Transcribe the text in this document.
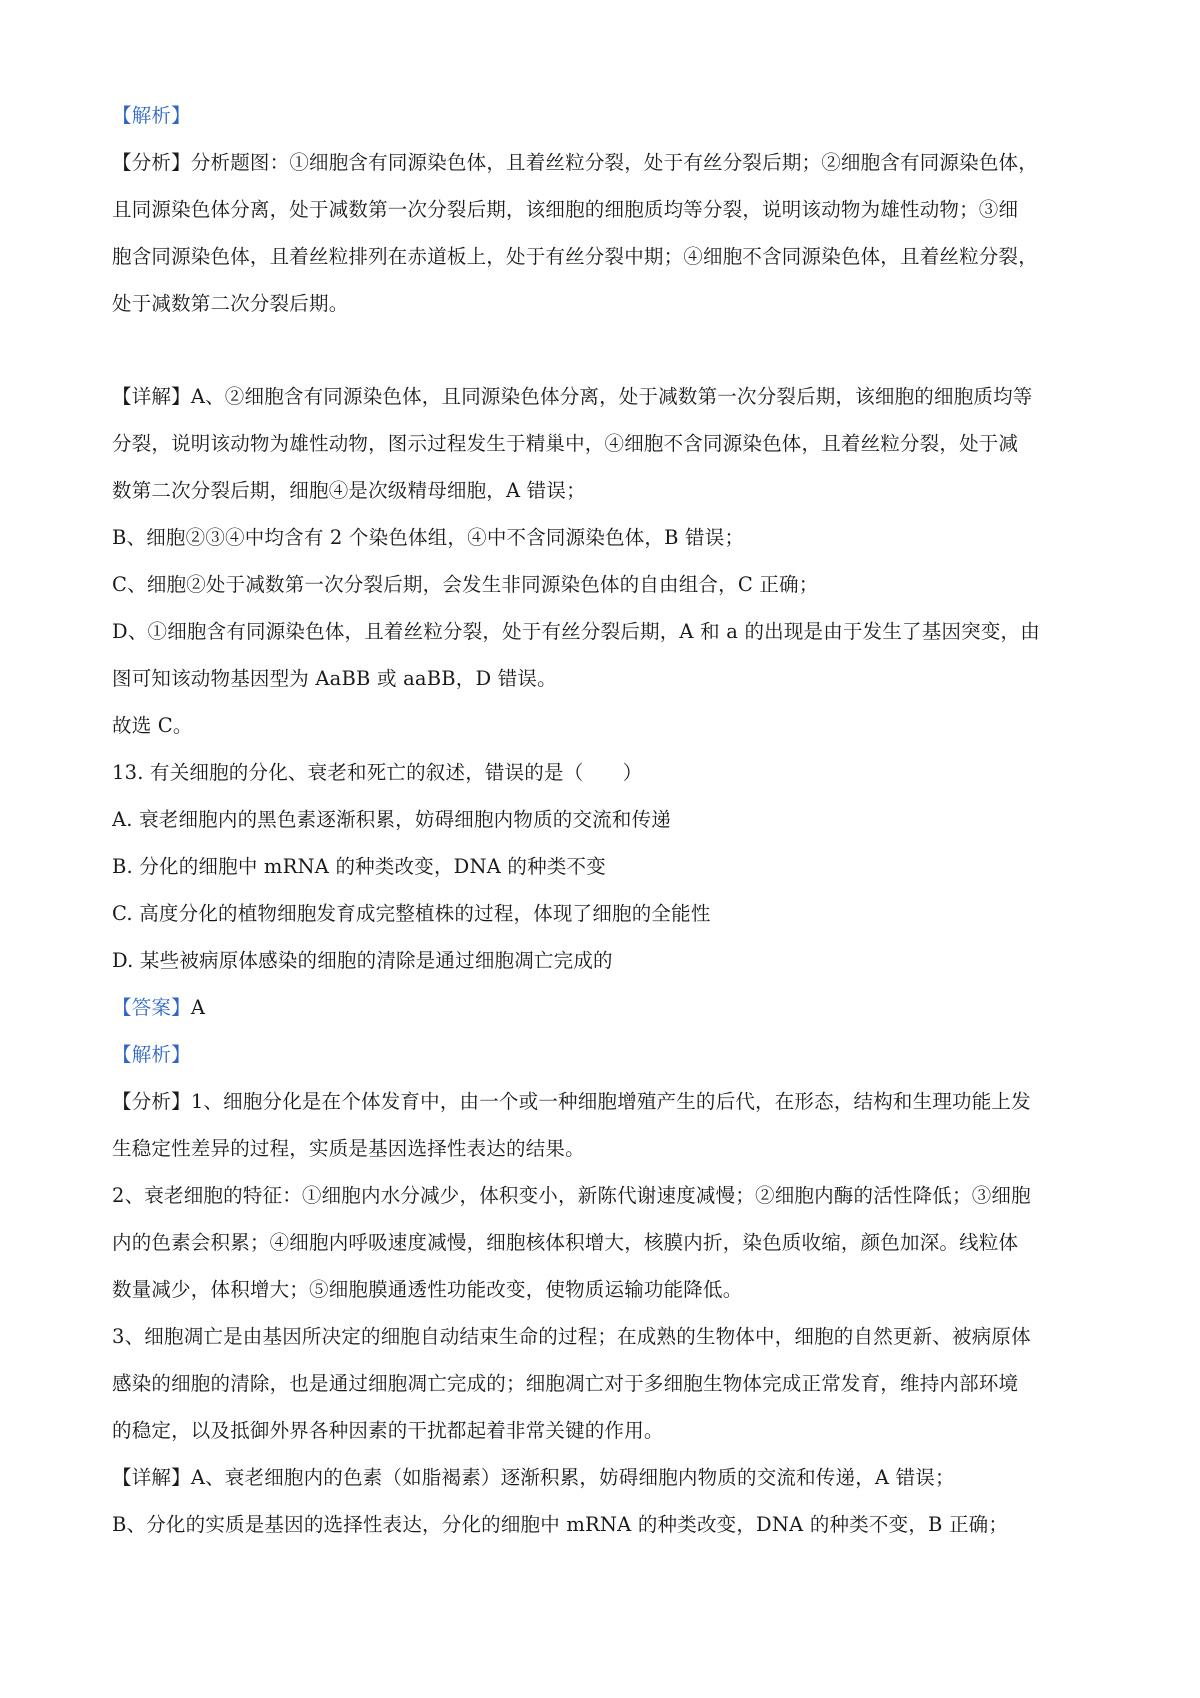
【解析】

【分析】分析题图：①细胞含有同源染色体，且着丝粒分裂，处于有丝分裂后期；②细胞含有同源染色体，

且同源染色体分离，处于减数第一次分裂后期，该细胞的细胞质均等分裂，说明该动物为雄性动物；③细

胞含同源染色体，且着丝粒排列在赤道板上，处于有丝分裂中期；④细胞不含同源染色体，且着丝粒分裂，

处于减数第二次分裂后期。

【详解】A、②细胞含有同源染色体，且同源染色体分离，处于减数第一次分裂后期，该细胞的细胞质均等

分裂，说明该动物为雄性动物，图示过程发生于精巢中，④细胞不含同源染色体，且着丝粒分裂，处于减

数第二次分裂后期，细胞④是次级精母细胞，A 错误；

B、细胞②③④中均含有 2 个染色体组，④中不含同源染色体，B 错误；

C、细胞②处于减数第一次分裂后期，会发生非同源染色体的自由组合，C 正确；

D、①细胞含有同源染色体，且着丝粒分裂，处于有丝分裂后期，A 和 a 的出现是由于发生了基因突变，由

图可知该动物基因型为 AaBB 或 aaBB，D 错误。

故选 C。

13. 有关细胞的分化、衰老和死亡的叙述，错误的是（　　）

A. 衰老细胞内的黑色素逐渐积累，妨碍细胞内物质的交流和传递

B. 分化的细胞中 mRNA 的种类改变，DNA 的种类不变

C. 高度分化的植物细胞发育成完整植株的过程，体现了细胞的全能性

D. 某些被病原体感染的细胞的清除是通过细胞凋亡完成的

【答案】A

【解析】

【分析】1、细胞分化是在个体发育中，由一个或一种细胞增殖产生的后代，在形态，结构和生理功能上发

生稳定性差异的过程，实质是基因选择性表达的结果。

2、衰老细胞的特征：①细胞内水分减少，体积变小，新陈代谢速度减慢；②细胞内酶的活性降低；③细胞

内的色素会积累；④细胞内呼吸速度减慢，细胞核体积增大，核膜内折，染色质收缩，颜色加深。线粒体

数量减少，体积增大；⑤细胞膜通透性功能改变，使物质运输功能降低。

3、细胞凋亡是由基因所决定的细胞自动结束生命的过程；在成熟的生物体中，细胞的自然更新、被病原体

感染的细胞的清除，也是通过细胞凋亡完成的；细胞凋亡对于多细胞生物体完成正常发育，维持内部环境

的稳定，以及抵御外界各种因素的干扰都起着非常关键的作用。

【详解】A、衰老细胞内的色素（如脂褐素）逐渐积累，妨碍细胞内物质的交流和传递，A 错误；

B、分化的实质是基因的选择性表达，分化的细胞中 mRNA 的种类改变，DNA 的种类不变，B 正确；
